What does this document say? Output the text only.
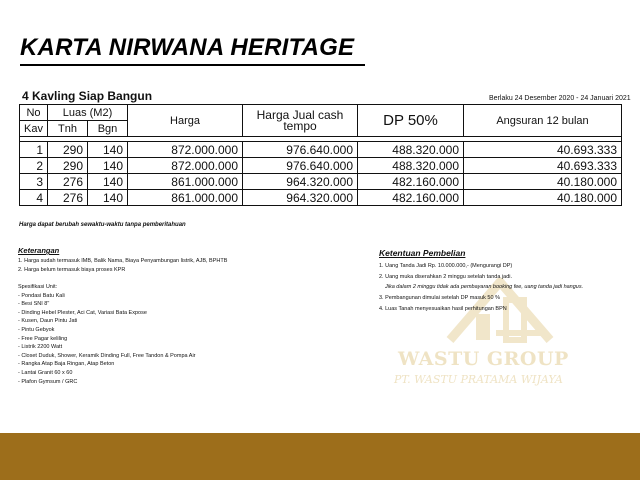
KARTA NIRWANA HERITAGE
4 Kavling Siap Bangun	Berlaku 24 Desember 2020 - 24 Januari 2021
No	Luas (M2)		Harga	Harga Jual cash tempo	DP 50%	Angsuran 12 bulan
Kav	Tnh	Bgn				

1	290	140	872.000.000	976.640.000	488.320.000	40.693.333
2	290	140	872.000.000	976.640.000	488.320.000	40.693.333
3	276	140	861.000.000	964.320.000	482.160.000	40.180.000
4	276	140	861.000.000	964.320.000	482.160.000	40.180.000
Harga dapat berubah sewaktu-waktu tanpa pemberitahuan
Keterangan
1. Harga sudah termasuk IMB, Balik Nama, Biaya Penyambungan listrik, AJB, BPHTB
2. Harga belum termasuk biaya proses KPR
Spesifikasi Unit:
- Pondasi Batu Kali
- Besi SNI 8"
- Dinding Hebel Plester, Aci Cat, Variasi Bata Expose
- Kusen, Daun Pintu Jati
- Pintu Gebyok
- Free Pagar keliling
- Listrik 2200 Watt
- Closet Duduk, Shower, Keramik Dinding Full, Free Tandon & Pompa Air
- Rangka Atap Baja Ringan, Atap Beton
- Lantai Granit 60 x 60
- Plafon Gymsum / GRC
WASTU GROUP
PT. WASTU PRATAMA WIJAYA
Ketentuan Pembelian
1. Uang Tanda Jadi Rp. 10.000.000,- (Mengurangi DP)
2. Uang muka diserahkan 2 minggu setelah tanda jadi.
Jika dalam 2 minggu tidak ada pembayaran booking fee, uang tanda jadi hangus.
3. Pembangunan dimulai setelah DP masuk 50 %
4. Luas Tanah menyesuaikan hasil perhitungan BPN
